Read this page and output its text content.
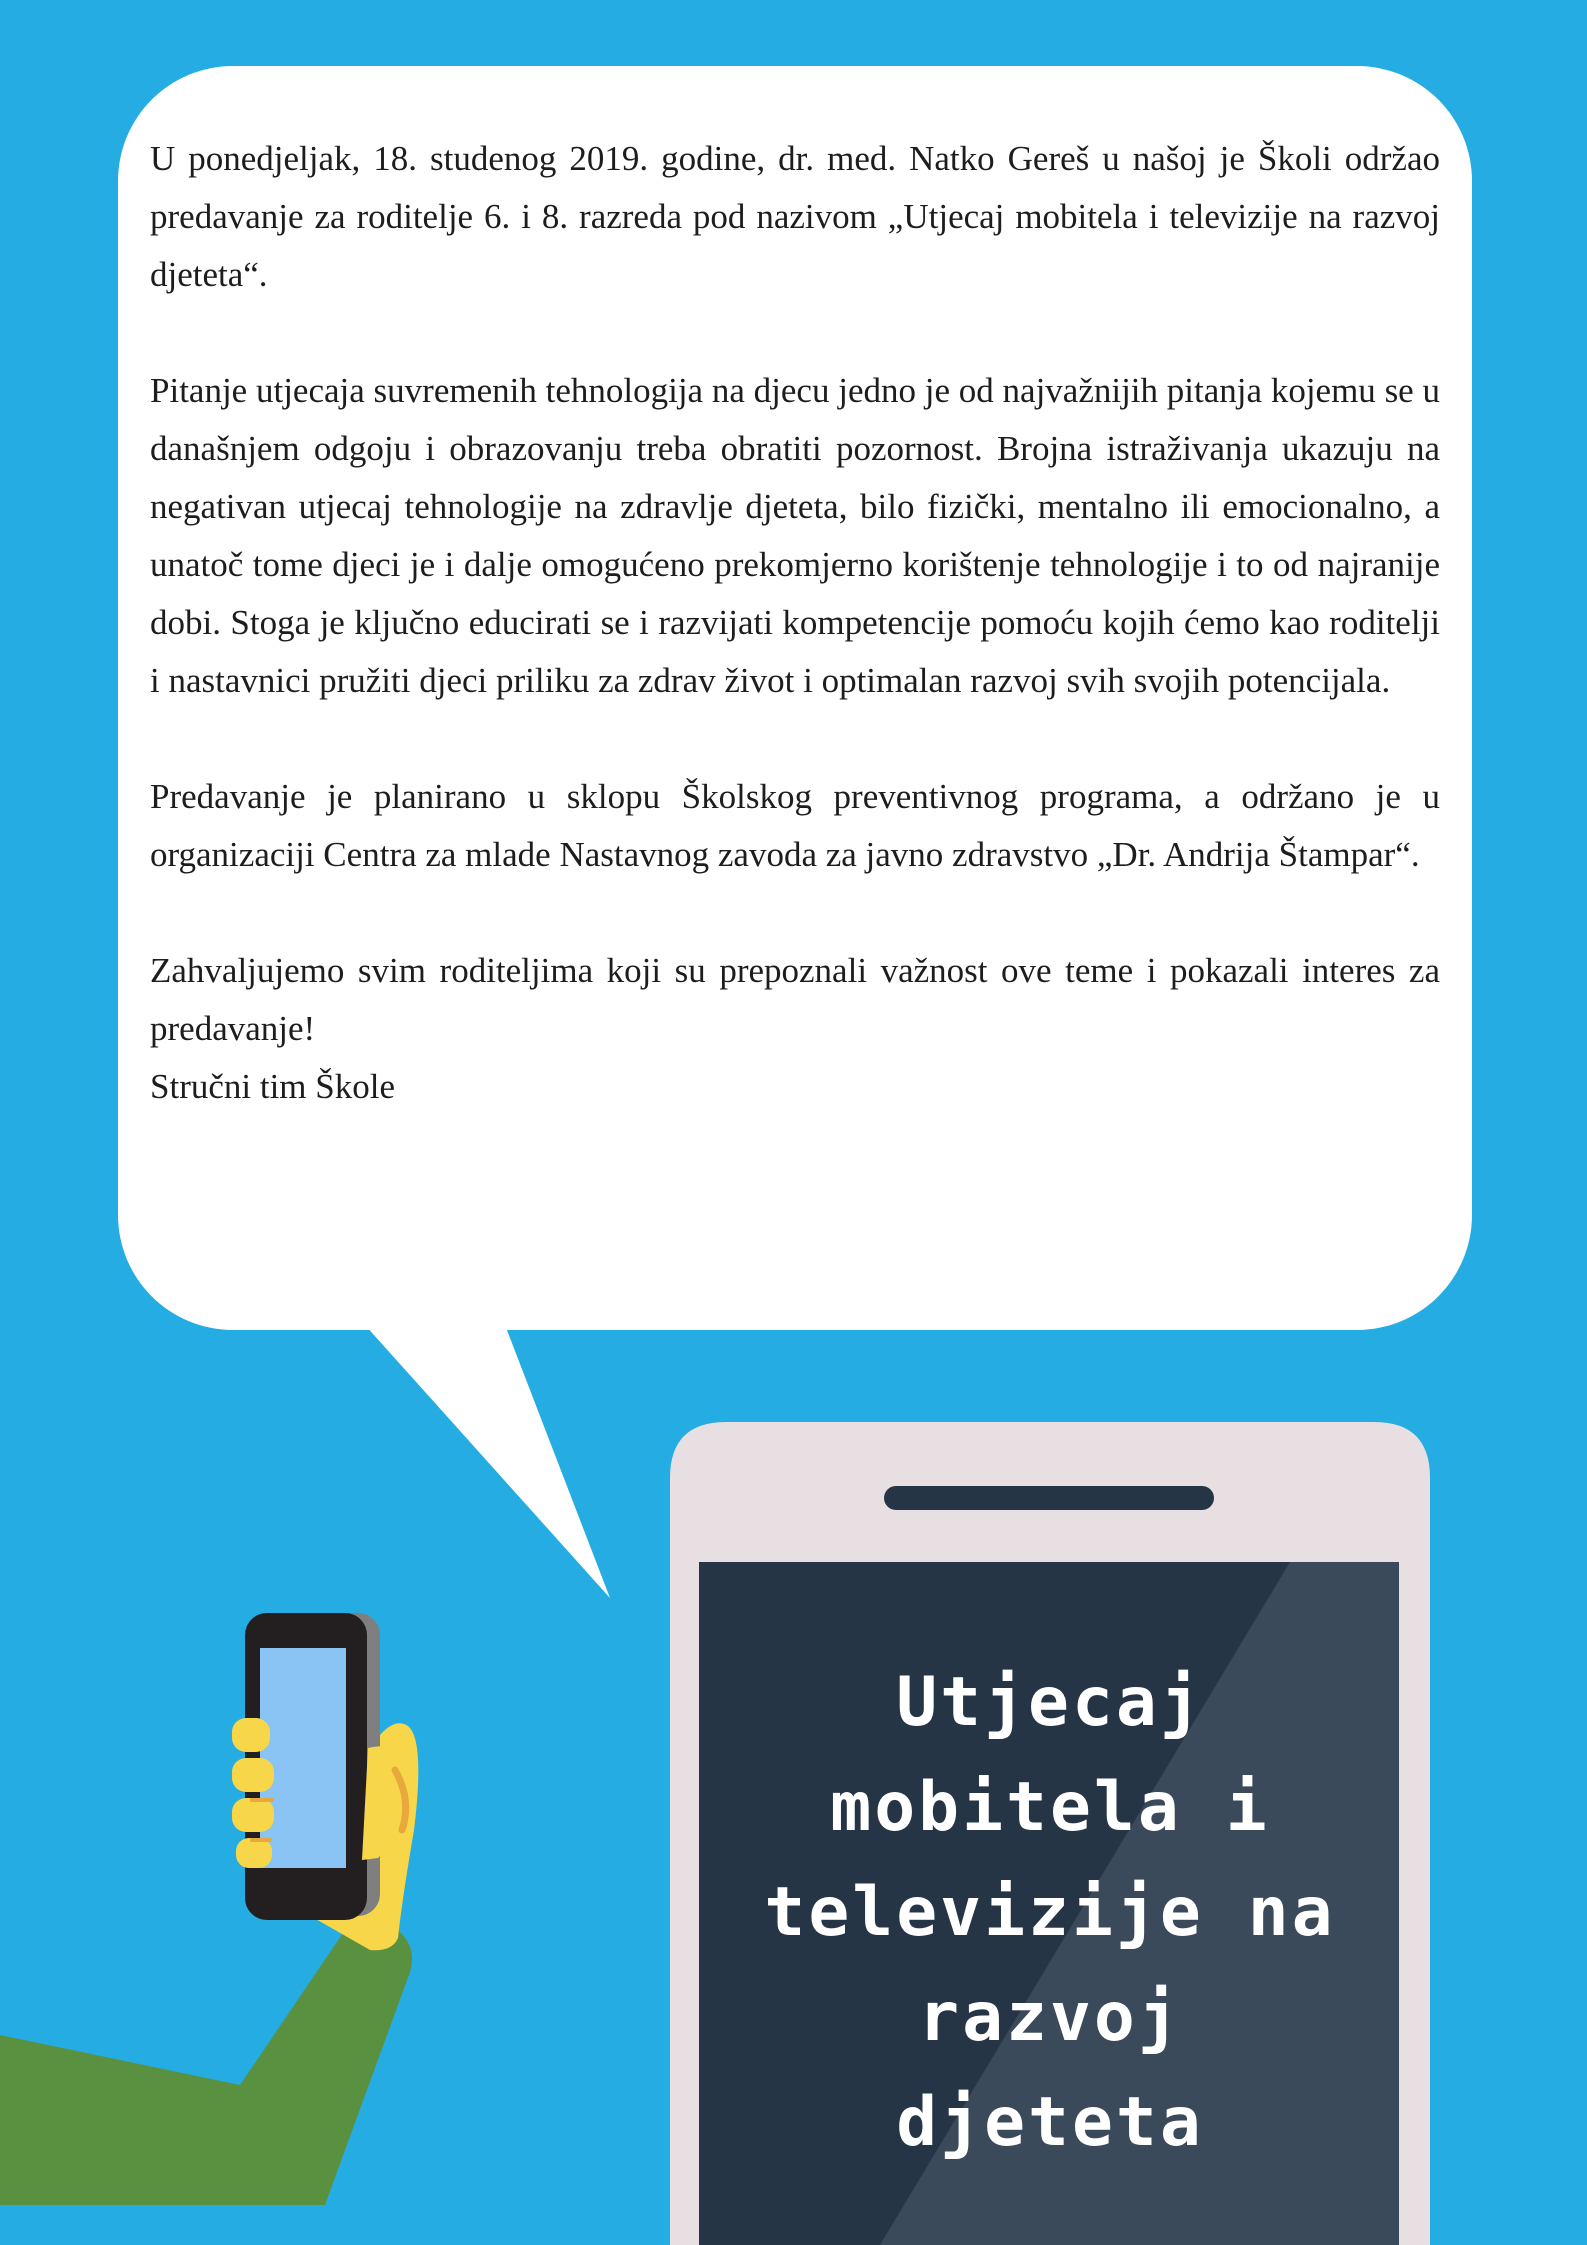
U ponedjeljak, 18. studenog 2019. godine, dr. med. Natko Gereš u našoj je Školi održao predavanje za roditelje 6. i 8. razreda pod nazivom „Utjecaj mobitela i televizije na razvoj djeteta“.

Pitanje utjecaja suvremenih tehnologija na djecu jedno je od najvažnijih pitanja kojemu se u današnjem odgoju i obrazovanju treba obratiti pozornost. Brojna istraživanja ukazuju na negativan utjecaj tehnologije na zdravlje djeteta, bilo fizički, mentalno ili emocionalno, a unatoč tome djeci je i dalje omogućeno prekomjerno korištenje tehnologije i to od najranije dobi. Stoga je ključno educirati se i razvijati kompetencije pomoću kojih ćemo kao roditelji i nastavnici pružiti djeci priliku za zdrav život i optimalan razvoj svih svojih potencijala.

Predavanje je planirano u sklopu Školskog preventivnog programa, a održano je u organizaciji Centra za mlade Nastavnog zavoda za javno zdravstvo „Dr. Andrija Štampar“.

Zahvaljujemo svim roditeljima koji su prepoznali važnost ove teme i pokazali interes za predavanje!

Stručni tim Škole

Utjecaj
mobitela i
televizije na
razvoj
djeteta
